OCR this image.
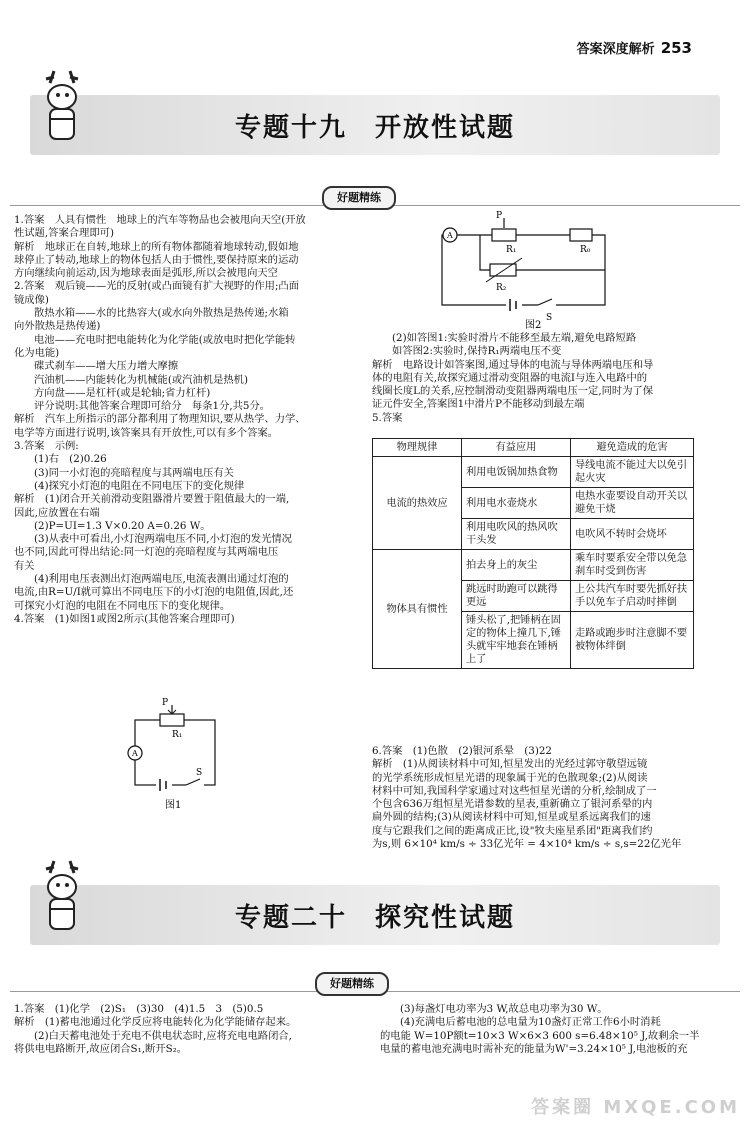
答案深度解析 253
专题十九　开放性试题
好题精练

1.答案　人具有惯性　地球上的汽车等物品也会被甩向天空(开放

性试题,答案合理即可)

解析　地球正在自转,地球上的所有物体都随着地球转动,假如地

球停止了转动,地球上的物体包括人由于惯性,要保持原来的运动

方向继续向前运动,因为地球表面是弧形,所以会被甩向天空

2.答案　观后镜——光的反射(或凸面镜有扩大视野的作用;凸面

镜成像)

散热水箱——水的比热容大(或水向外散热是热传递;水箱

向外散热是热传递)

电池——充电时把电能转化为化学能(或放电时把化学能转

化为电能)

碟式刹车——增大压力增大摩擦

汽油机——内能转化为机械能(或汽油机是热机)

方向盘——是杠杆(或是轮轴;省力杠杆)

评分说明:其他答案合理即可给分　每条1分,共5分。

解析　汽车上所指示的部分都利用了物理知识,要从热学、力学、

电学等方面进行说明,该答案具有开放性,可以有多个答案。

3.答案　示例:

(1)右　(2)0.26

(3)同一小灯泡的亮暗程度与其两端电压有关

(4)探究小灯泡的电阻在不同电压下的变化规律

解析　(1)闭合开关前滑动变阻器滑片要置于阻值最大的一端,

因此,应放置在右端

(2)P=UI=1.3 V×0.20 A=0.26 W。

(3)从表中可看出,小灯泡两端电压不同,小灯泡的发光情况

也不同,因此可得出结论:同一灯泡的亮暗程度与其两端电压

有关

(4)利用电压表测出灯泡两端电压,电流表测出通过灯泡的

电流,由R=U/I就可算出不同电压下的小灯泡的电阻值,因此,还

可探究小灯泡的电阻在不同电压下的变化规律。

4.答案　(1)如图1或图2所示(其他答案合理即可)

P
R₁
A
S
图1
A
P
R₁	R₀
R₂
S
图2

(2)如答图1:实验时滑片不能移至最左端,避免电路短路

如答图2:实验时,保持R₁两端电压不变

解析　电路设计如答案图,通过导体的电流与导体两端电压和导

体的电阻有关,故探究通过滑动变阻器的电流I与连入电路中的

线圈长度L的关系,应控制滑动变阻器两端电压一定,同时为了保

证元件安全,答案图1中滑片P不能移动到最左端

5.答案

物理规律	有益应用	避免造成的危害
电流的热效应	利用电饭锅加热食物	导线电流不能过大以免引起火灾
	利用电水壶烧水	电热水壶要设自动开关以避免干烧
	利用电吹风的热风吹干头发	电吹风不转时会烧坏
物体具有惯性	拍去身上的灰尘	乘车时要系安全带以免急刹车时受到伤害
	跳远时助跑可以跳得更远	上公共汽车时要先抓好扶手以免车子启动时摔倒
	锤头松了,把锤柄在固定的物体上撞几下,锤头就牢牢地套在锤柄上了	走路或跑步时注意脚不要被物体绊倒

6.答案　(1)色散　(2)银河系晕　(3)22

解析　(1)从阅读材料中可知,恒星发出的光经过郭守敬望远镜

的光学系统形成恒星光谱的现象属于光的色散现象;(2)从阅读

材料中可知,我国科学家通过对这些恒星光谱的分析,绘制成了一

个包含636万组恒星光谱参数的星表,重新确立了银河系晕的内

扁外圆的结构;(3)从阅读材料中可知,恒星或星系远离我们的速

度与它跟我们之间的距离成正比,设"牧夫座星系团"距离我们约

为s,则 6×10⁴ km/s ÷ 33亿光年 = 4×10⁴ km/s ÷ s,s=22亿光年

专题二十　探究性试题
好题精练

1.答案　(1)化学　(2)S₁　(3)30　(4)1.5　3　(5)0.5

解析　(1)蓄电池通过化学反应将电能转化为化学能储存起来。

(2)白天蓄电池处于充电不供电状态时,应将充电电路闭合,

将供电电路断开,故应闭合S₁,断开S₂。

(3)每盏灯电功率为3 W,故总电功率为30 W。

(4)充满电后蓄电池的总电量为10盏灯正常工作6小时消耗

的电能 W=10P额t=10×3 W×6×3 600 s=6.48×10⁵ J,故剩余一半

电量的蓄电池充满电时需补充的能量为W'=3.24×10⁵ J,电池板的充

答案圈 MXQE.COM
